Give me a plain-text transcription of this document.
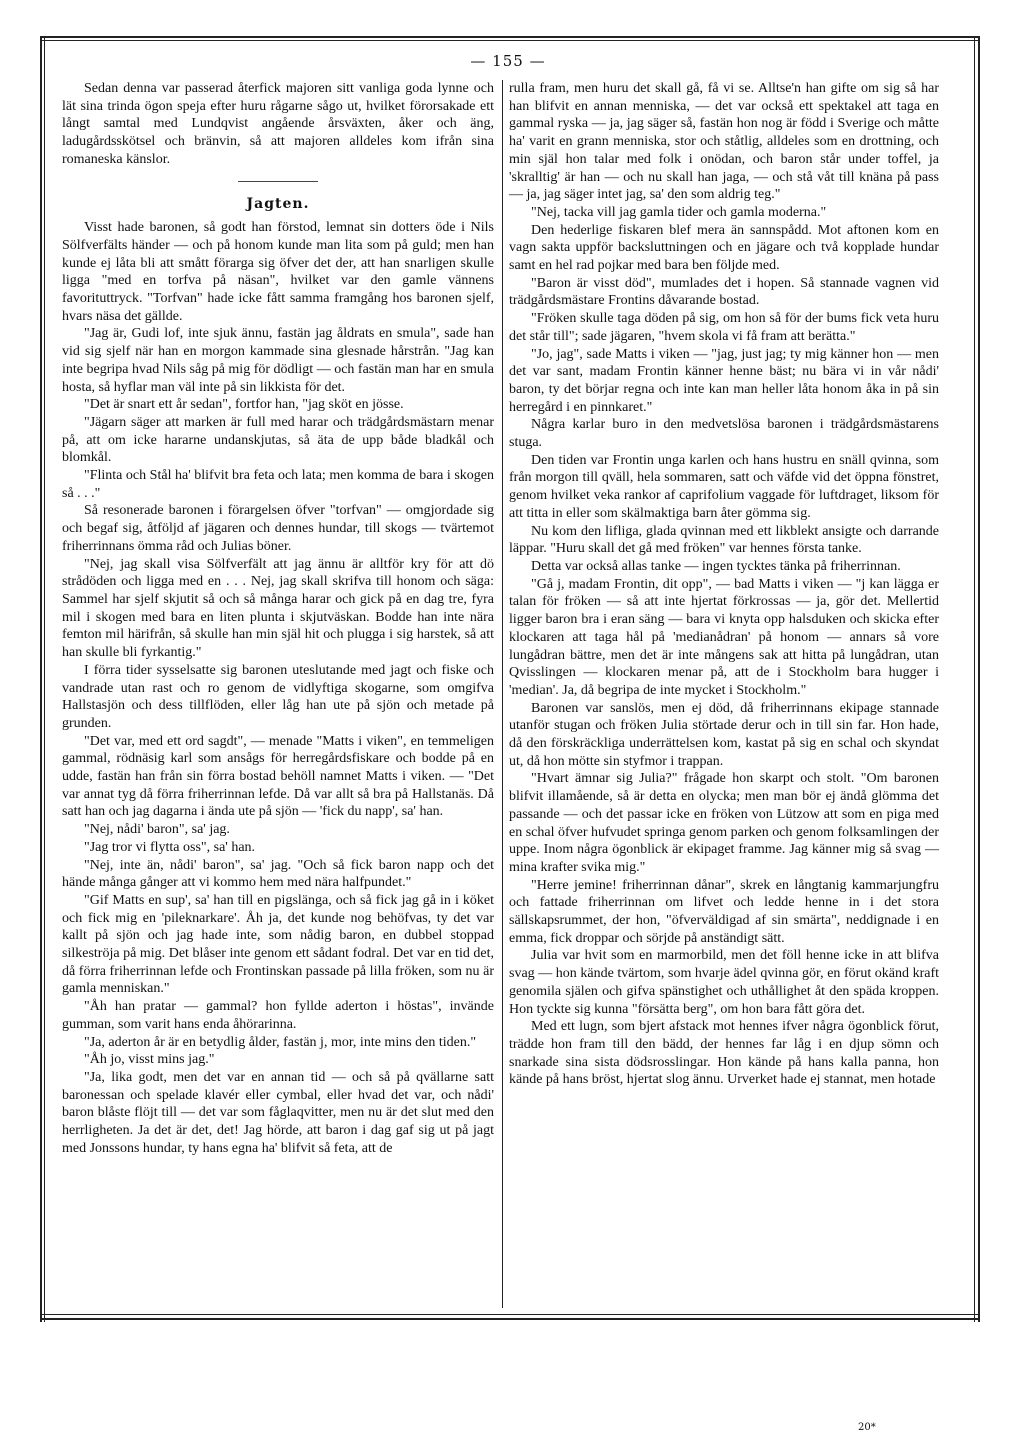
— 155 —

Sedan denna var passerad återfick majoren sitt vanliga goda lynne och lät sina trinda ögon speja efter huru rågarne sågo ut, hvilket förorsakade ett långt samtal med Lundqvist angående årsväxten, åker och äng, ladugårdsskötsel och bränvin, så att majoren alldeles kom ifrån sina romaneska känslor.

Jagten.

Visst hade baronen, så godt han förstod, lemnat sin dotters öde i Nils Sölfverfälts händer — och på honom kunde man lita som på guld; men han kunde ej låta bli att smått förarga sig öfver det der, att han snarligen skulle ligga "med en torfva på näsan", hvilket var den gamle vännens favorituttryck. "Torfvan" hade icke fått samma framgång hos baronen sjelf, hvars näsa det gällde.

"Jag är, Gudi lof, inte sjuk ännu, fastän jag åldrats en smula", sade han vid sig sjelf när han en morgon kammade sina glesnade hårstrån. "Jag kan inte begripa hvad Nils såg på mig för dödligt — och fastän man har en smula hosta, så hyflar man väl inte på sin likkista för det.

"Det är snart ett år sedan", fortfor han, "jag sköt en jösse.

"Jägarn säger att marken är full med harar och trädgårdsmästarn menar på, att om icke hararne undanskjutas, så äta de upp både bladkål och blomkål.

"Flinta och Stål ha' blifvit bra feta och lata; men komma de bara i skogen så . . ."

Så resonerade baronen i förargelsen öfver "torfvan" — omgjordade sig och begaf sig, åtföljd af jägaren och dennes hundar, till skogs — tvärtemot friherrinnans ömma råd och Julias böner.

"Nej, jag skall visa Sölfverfält att jag ännu är alltför kry för att dö strådöden och ligga med en . . . Nej, jag skall skrifva till honom och säga: Sammel har sjelf skjutit så och så många harar och gick på en dag tre, fyra mil i skogen med bara en liten plunta i skjutväskan. Bodde han inte nära femton mil härifrån, så skulle han min själ hit och plugga i sig harstek, så att han skulle bli fyrkantig."

I förra tider sysselsatte sig baronen uteslutande med jagt och fiske och vandrade utan rast och ro genom de vidlyftiga skogarne, som omgifva Hallstasjön och dess tillflöden, eller låg han ute på sjön och metade på grunden.

"Det var, med ett ord sagdt", — menade "Matts i viken", en temmeligen gammal, rödnäsig karl som ansågs för herregårdsfiskare och bodde på en udde, fastän han från sin förra bostad behöll namnet Matts i viken. — "Det var annat tyg då förra friherrinnan lefde. Då var allt så bra på Hallstanäs. Då satt han och jag dagarna i ända ute på sjön — 'fick du napp', sa' han.

"Nej, nådi' baron", sa' jag.

"Jag tror vi flytta oss", sa' han.

"Nej, inte än, nådi' baron", sa' jag. "Och så fick baron napp och det hände många gånger att vi kommo hem med nära halfpundet."

"Gif Matts en sup', sa' han till en pigslänga, och så fick jag gå in i köket och fick mig en 'pileknarkare'. Åh ja, det kunde nog behöfvas, ty det var kallt på sjön och jag hade inte, som nådig baron, en dubbel stoppad silkeströja på mig. Det blåser inte genom ett sådant fodral. Det var en tid det, då förra friherrinnan lefde och Frontinskan passade på lilla fröken, som nu är gamla menniskan."

"Åh han pratar — gammal? hon fyllde aderton i höstas", invände gumman, som varit hans enda åhörarinna.

"Ja, aderton år är en betydlig ålder, fastän j, mor, inte mins den tiden."

"Åh jo, visst mins jag."

"Ja, lika godt, men det var en annan tid — och så på qvällarne satt baronessan och spelade klavér eller cymbal, eller hvad det var, och nådi' baron blåste flöjt till — det var som fåglaqvitter, men nu är det slut med den herrligheten. Ja det är det, det! Jag hörde, att baron i dag gaf sig ut på jagt med Jonssons hundar, ty hans egna ha' blifvit så feta, att de

rulla fram, men huru det skall gå, få vi se. Alltse'n han gifte om sig så har han blifvit en annan menniska, — det var också ett spektakel att taga en gammal ryska — ja, jag säger så, fastän hon nog är född i Sverige och måtte ha' varit en grann menniska, stor och ståtlig, alldeles som en drottning, och min själ hon talar med folk i onödan, och baron står under toffel, ja 'skralltig' är han — och nu skall han jaga, — och stå våt till knäna på pass — ja, jag säger intet jag, sa' den som aldrig teg."

"Nej, tacka vill jag gamla tider och gamla moderna."

Den hederlige fiskaren blef mera än sannspådd. Mot aftonen kom en vagn sakta uppför backsluttningen och en jägare och två kopplade hundar samt en hel rad pojkar med bara ben följde med.

"Baron är visst död", mumlades det i hopen. Så stannade vagnen vid trädgårdsmästare Frontins dåvarande bostad.

"Fröken skulle taga döden på sig, om hon så för der bums fick veta huru det står till"; sade jägaren, "hvem skola vi få fram att berätta."

"Jo, jag", sade Matts i viken — "jag, just jag; ty mig känner hon — men det var sant, madam Frontin känner henne bäst; nu bära vi in vår nådi' baron, ty det börjar regna och inte kan man heller låta honom åka in på sin herregård i en pinnkaret."

Några karlar buro in den medvetslösa baronen i trädgårdsmästarens stuga.

Den tiden var Frontin unga karlen och hans hustru en snäll qvinna, som från morgon till qväll, hela sommaren, satt och väfde vid det öppna fönstret, genom hvilket veka rankor af caprifolium vaggade för luftdraget, liksom för att titta in eller som skälmaktiga barn åter gömma sig.

Nu kom den lifliga, glada qvinnan med ett likblekt ansigte och darrande läppar. "Huru skall det gå med fröken" var hennes första tanke.

Detta var också allas tanke — ingen tycktes tänka på friherrinnan.

"Gå j, madam Frontin, dit opp", — bad Matts i viken — "j kan lägga er talan för fröken — så att inte hjertat förkrossas — ja, gör det. Mellertid ligger baron bra i eran säng — bara vi knyta opp halsduken och skicka efter klockaren att taga hål på 'medianådran' på honom — annars så vore lungådran bättre, men det är inte mångens sak att hitta på lungådran, utan Qvisslingen — klockaren menar på, att de i Stockholm bara hugger i 'median'. Ja, då begripa de inte mycket i Stockholm."

Baronen var sanslös, men ej död, då friherrinnans ekipage stannade utanför stugan och fröken Julia störtade derur och in till sin far. Hon hade, då den förskräckliga underrättelsen kom, kastat på sig en schal och skyndat ut, då hon mötte sin styfmor i trappan.

"Hvart ämnar sig Julia?" frågade hon skarpt och stolt. "Om baronen blifvit illamående, så är detta en olycka; men man bör ej ändå glömma det passande — och det passar icke en fröken von Lützow att som en piga med en schal öfver hufvudet springa genom parken och genom folksamlingen der uppe. Inom några ögonblick är ekipaget framme. Jag känner mig så svag — mina krafter svika mig."

"Herre jemine! friherrinnan dånar", skrek en långtanig kammarjungfru och fattade friherrinnan om lifvet och ledde henne in i det stora sällskapsrummet, der hon, "öfverväldigad af sin smärta", neddignade i en emma, fick droppar och sörjde på anständigt sätt.

Julia var hvit som en marmorbild, men det föll henne icke in att blifva svag — hon kände tvärtom, som hvarje ädel qvinna gör, en förut okänd kraft genomila själen och gifva spänstighet och uthållighet åt den späda kroppen. Hon tyckte sig kunna "försätta berg", om hon bara fått göra det.

Med ett lugn, som bjert afstack mot hennes ifver några ögonblick förut, trädde hon fram till den bädd, der hennes far låg i en djup sömn och snarkade sina sista dödsrosslingar. Hon kände på hans kalla panna, hon kände på hans bröst, hjertat slog ännu. Urverket hade ej stannat, men hotade

20*
